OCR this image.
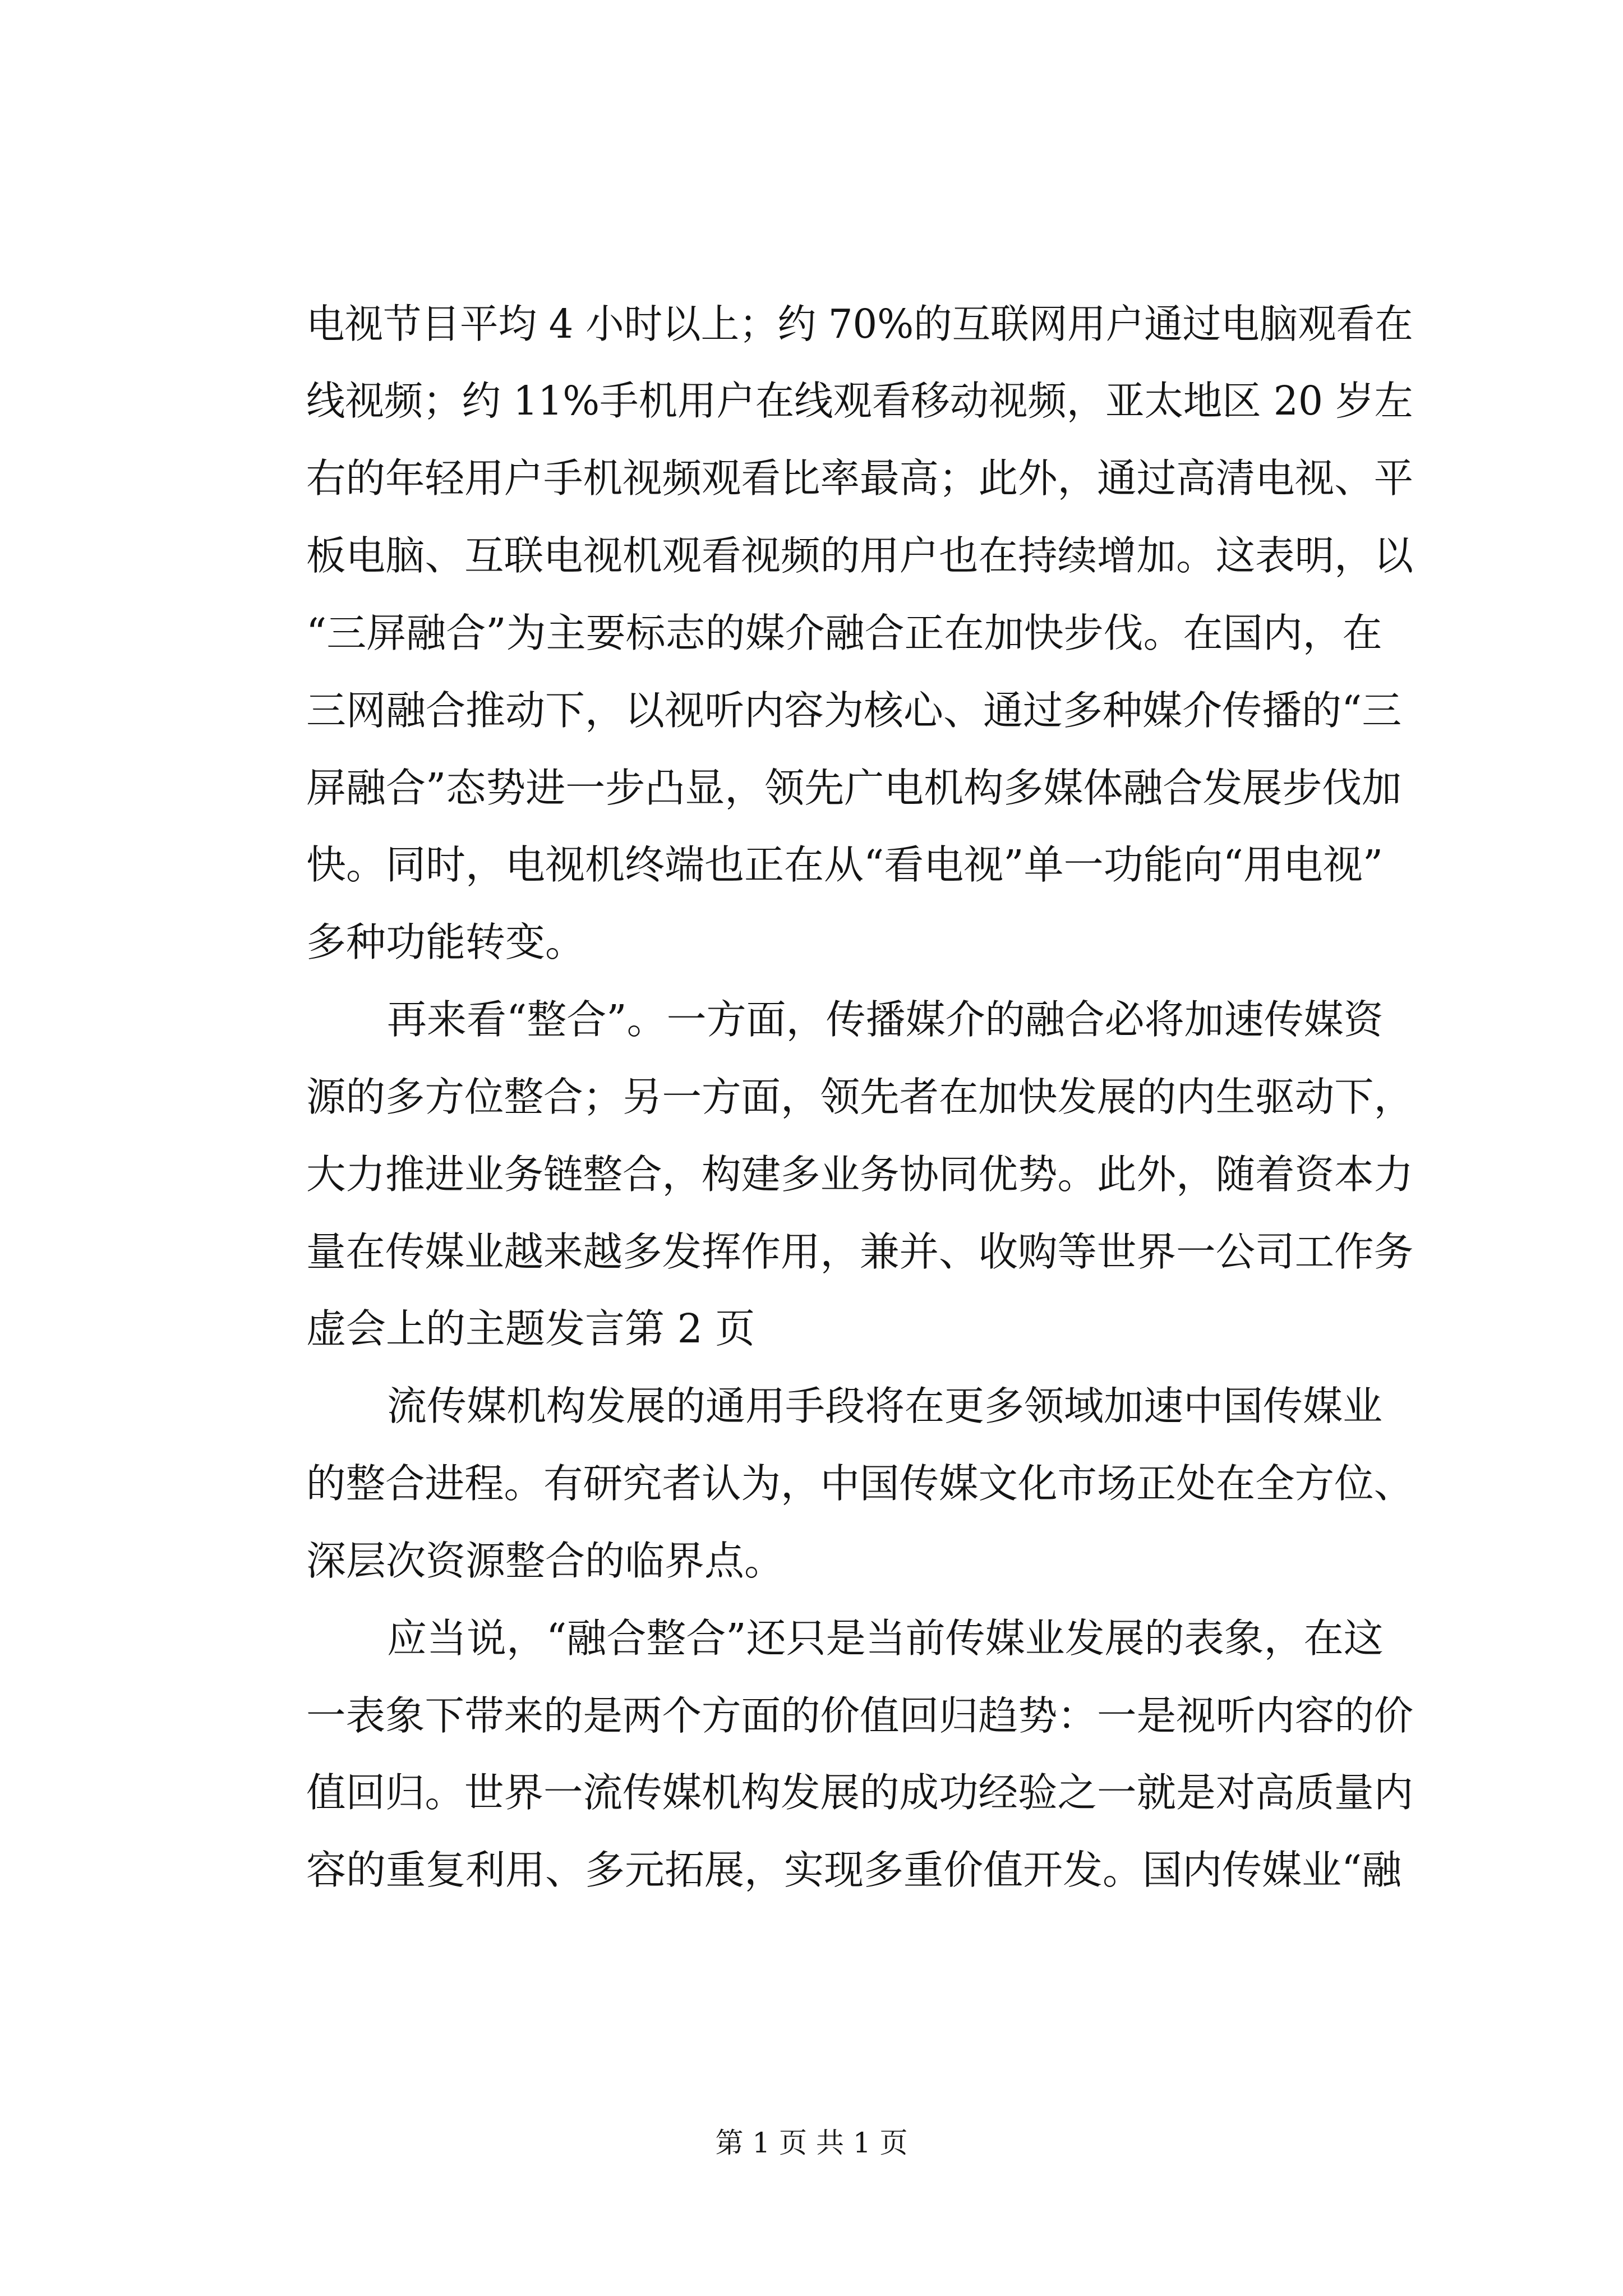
电视节目平均 4 小时以上；约 70%的互联网用户通过电脑观看在

线视频；约 11%手机用户在线观看移动视频，亚太地区 20 岁左

右的年轻用户手机视频观看比率最高；此外，通过高清电视、平

板电脑、互联电视机观看视频的用户也在持续增加。这表明，以

“三屏融合”为主要标志的媒介融合正在加快步伐。在国内，在

三网融合推动下，以视听内容为核心、通过多种媒介传播的“三

屏融合”态势进一步凸显，领先广电机构多媒体融合发展步伐加

快。同时，电视机终端也正在从“看电视”单一功能向“用电视”

多种功能转变。

再来看“整合”。一方面，传播媒介的融合必将加速传媒资

源的多方位整合；另一方面，领先者在加快发展的内生驱动下，

大力推进业务链整合，构建多业务协同优势。此外，随着资本力

量在传媒业越来越多发挥作用，兼并、收购等世界一公司工作务

虚会上的主题发言第 2 页

流传媒机构发展的通用手段将在更多领域加速中国传媒业

的整合进程。有研究者认为，中国传媒文化市场正处在全方位、

深层次资源整合的临界点。

应当说，“融合整合”还只是当前传媒业发展的表象，在这

一表象下带来的是两个方面的价值回归趋势：一是视听内容的价

值回归。世界一流传媒机构发展的成功经验之一就是对高质量内

容的重复利用、多元拓展，实现多重价值开发。国内传媒业“融

第 1 页 共 1 页
